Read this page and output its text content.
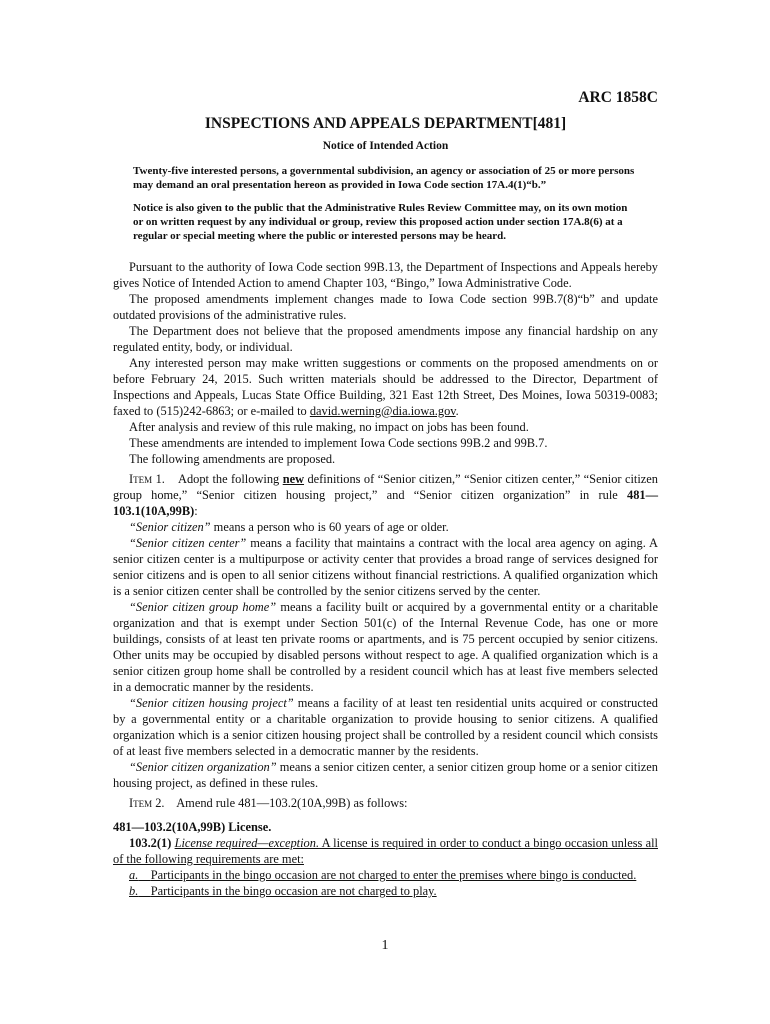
ARC 1858C
INSPECTIONS AND APPEALS DEPARTMENT[481]
Notice of Intended Action
Twenty-five interested persons, a governmental subdivision, an agency or association of 25 or more persons may demand an oral presentation hereon as provided in Iowa Code section 17A.4(1)“b.”
Notice is also given to the public that the Administrative Rules Review Committee may, on its own motion or on written request by any individual or group, review this proposed action under section 17A.8(6) at a regular or special meeting where the public or interested persons may be heard.

Pursuant to the authority of Iowa Code section 99B.13, the Department of Inspections and Appeals hereby gives Notice of Intended Action to amend Chapter 103, “Bingo,” Iowa Administrative Code.

The proposed amendments implement changes made to Iowa Code section 99B.7(8)“b” and update outdated provisions of the administrative rules.

The Department does not believe that the proposed amendments impose any financial hardship on any regulated entity, body, or individual.

Any interested person may make written suggestions or comments on the proposed amendments on or before February 24, 2015. Such written materials should be addressed to the Director, Department of Inspections and Appeals, Lucas State Office Building, 321 East 12th Street, Des Moines, Iowa 50319-0083; faxed to (515)242-6863; or e-mailed to david.werning@dia.iowa.gov.

After analysis and review of this rule making, no impact on jobs has been found.

These amendments are intended to implement Iowa Code sections 99B.2 and 99B.7.

The following amendments are proposed.

Item 1. Adopt the following new definitions of “Senior citizen,” “Senior citizen center,” “Senior citizen group home,” “Senior citizen housing project,” and “Senior citizen organization” in rule 481—103.1(10A,99B):

“Senior citizen” means a person who is 60 years of age or older.

“Senior citizen center” means a facility that maintains a contract with the local area agency on aging. A senior citizen center is a multipurpose or activity center that provides a broad range of services designed for senior citizens and is open to all senior citizens without financial restrictions. A qualified organization which is a senior citizen center shall be controlled by the senior citizens served by the center.

“Senior citizen group home” means a facility built or acquired by a governmental entity or a charitable organization and that is exempt under Section 501(c) of the Internal Revenue Code, has one or more buildings, consists of at least ten private rooms or apartments, and is 75 percent occupied by senior citizens. Other units may be occupied by disabled persons without respect to age. A qualified organization which is a senior citizen group home shall be controlled by a resident council which has at least five members selected in a democratic manner by the residents.

“Senior citizen housing project” means a facility of at least ten residential units acquired or constructed by a governmental entity or a charitable organization to provide housing to senior citizens. A qualified organization which is a senior citizen housing project shall be controlled by a resident council which consists of at least five members selected in a democratic manner by the residents.

“Senior citizen organization” means a senior citizen center, a senior citizen group home or a senior citizen housing project, as defined in these rules.

Item 2. Amend rule 481—103.2(10A,99B) as follows:

481—103.2(10A,99B) License.

103.2(1) License required—exception. A license is required in order to conduct a bingo occasion unless all of the following requirements are met:

a. Participants in the bingo occasion are not charged to enter the premises where bingo is conducted.

b. Participants in the bingo occasion are not charged to play.

1
